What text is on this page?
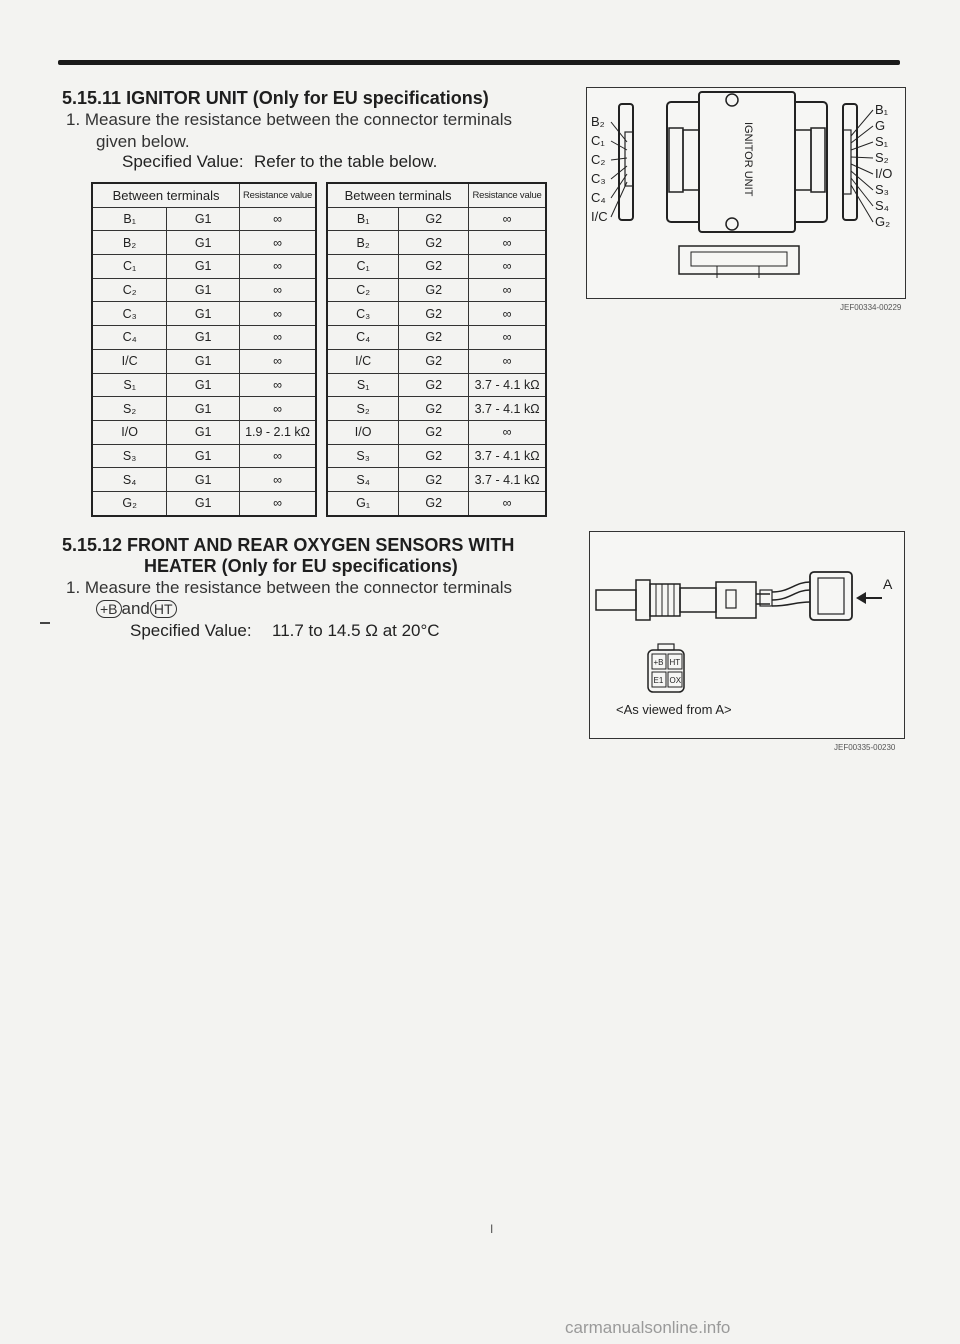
5.15.11 IGNITOR UNIT (Only for EU specifications)
1. Measure the resistance between the connector terminals
given below.
Specified Value: Refer to the table below.
Between terminals		Resistance value
B₁	G1	∞
B₂	G1	∞
C₁	G1	∞
C₂	G1	∞
C₃	G1	∞
C₄	G1	∞
I/C	G1	∞
S₁	G1	∞
S₂	G1	∞
I/O	G1	1.9 - 2.1 kΩ
S₃	G1	∞
S₄	G1	∞
G₂	G1	∞
Between terminals		Resistance value
B₁	G2	∞
B₂	G2	∞
C₁	G2	∞
C₂	G2	∞
C₃	G2	∞
C₄	G2	∞
I/C	G2	∞
S₁	G2	3.7 - 4.1 kΩ
S₂	G2	3.7 - 4.1 kΩ
I/O	G2	∞
S₃	G2	3.7 - 4.1 kΩ
S₄	G2	3.7 - 4.1 kΩ
G₁	G2	∞
IGNITOR UNIT
B₂
C₁
C₂
C₃
C₄
I/C
B₁
G
S₁
S₂
I/O
S₃
S₄
G₂
JEF00334-00229
5.15.12 FRONT AND REAR OXYGEN SENSORS WITH
HEATER (Only for EU specifications)
1. Measure the resistance between the connector terminals
+B and HT
Specified Value: 11.7 to 14.5 Ω at 20°C
A
+B HT
E1 OX
<As viewed from A>
JEF00335-00230
I
carmanualsonline.info
